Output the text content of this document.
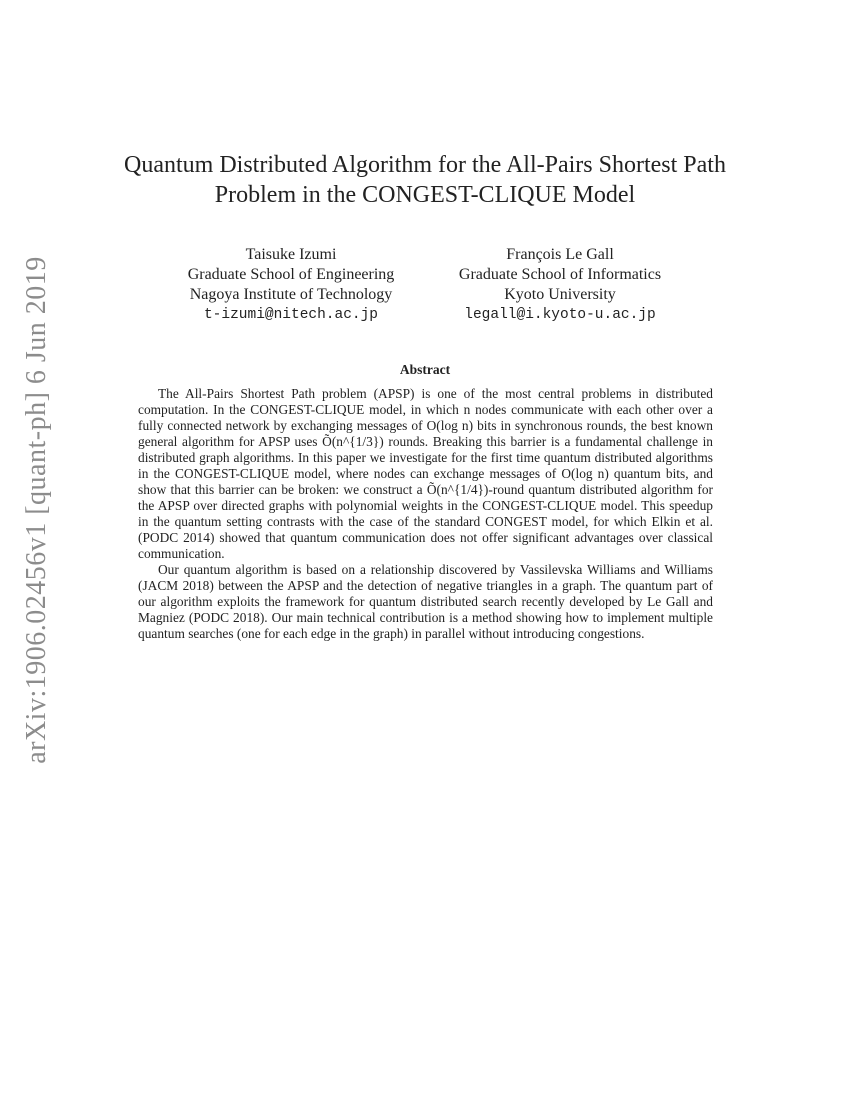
arXiv:1906.02456v1 [quant-ph] 6 Jun 2019
Quantum Distributed Algorithm for the All-Pairs Shortest Path
Problem in the CONGEST-CLIQUE Model
Taisuke Izumi
Graduate School of Engineering
Nagoya Institute of Technology
t-izumi@nitech.ac.jp
François Le Gall
Graduate School of Informatics
Kyoto University
legall@i.kyoto-u.ac.jp
Abstract

The All-Pairs Shortest Path problem (APSP) is one of the most central problems in distributed computation. In the CONGEST-CLIQUE model, in which n nodes communicate with each other over a fully connected network by exchanging messages of O(log n) bits in synchronous rounds, the best known general algorithm for APSP uses Õ(n^{1/3}) rounds. Breaking this barrier is a fundamental challenge in distributed graph algorithms. In this paper we investigate for the first time quantum distributed algorithms in the CONGEST-CLIQUE model, where nodes can exchange messages of O(log n) quantum bits, and show that this barrier can be broken: we construct a Õ(n^{1/4})-round quantum distributed algorithm for the APSP over directed graphs with polynomial weights in the CONGEST-CLIQUE model. This speedup in the quantum setting contrasts with the case of the standard CONGEST model, for which Elkin et al. (PODC 2014) showed that quantum communication does not offer significant advantages over classical communication.

Our quantum algorithm is based on a relationship discovered by Vassilevska Williams and Williams (JACM 2018) between the APSP and the detection of negative triangles in a graph. The quantum part of our algorithm exploits the framework for quantum distributed search recently developed by Le Gall and Magniez (PODC 2018). Our main technical contribution is a method showing how to implement multiple quantum searches (one for each edge in the graph) in parallel without introducing congestions.
